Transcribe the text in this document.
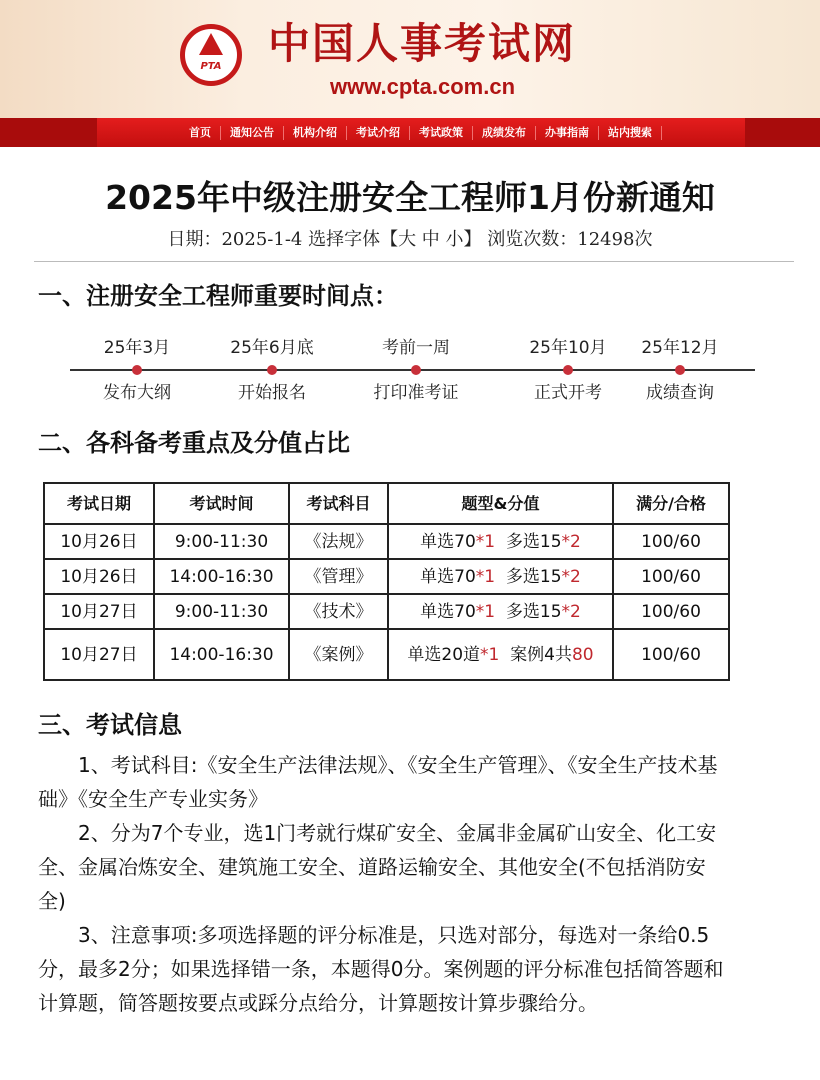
PTA	中国人事考试网
www.cpta.com.cn
首页	通知公告	机构介绍	考试介绍	考试政策	成绩发布	办事指南	站内搜索
2025年中级注册安全工程师1月份新通知
日期：2025-1-4 选择字体【大 中 小】 浏览次数：12498次
一、注册安全工程师重要时间点：
25年3月
发布大纲
25年6月底
开始报名
考前一周
打印准考证
25年10月
正式开考
25年12月
成绩查询
二、各科备考重点及分值占比
考试日期	考试时间	考试科目	题型&分值	满分/合格
10月26日	9:00-11:30	《法规》	单选70*1 多选15*2	100/60
10月26日	14:00-16:30	《管理》	单选70*1 多选15*2	100/60
10月27日	9:00-11:30	《技术》	单选70*1 多选15*2	100/60
10月27日	14:00-16:30	《案例》	单选20道*1 案例4共80	100/60
三、考试信息
1、考试科目:《安全生产法律法规》、《安全生产管理》、《安全生产技术基础》《安全生产专业实务》
2、分为7个专业，选1门考就行煤矿安全、金属非金属矿山安全、化工安全、金属冶炼安全、建筑施工安全、道路运输安全、其他安全(不包括消防安全)
3、注意事项:多项选择题的评分标准是，只选对部分，每选对一条给0.5分，最多2分；如果选择错一条，本题得0分。案例题的评分标准包括简答题和计算题，简答题按要点或踩分点给分，计算题按计算步骤给分。
